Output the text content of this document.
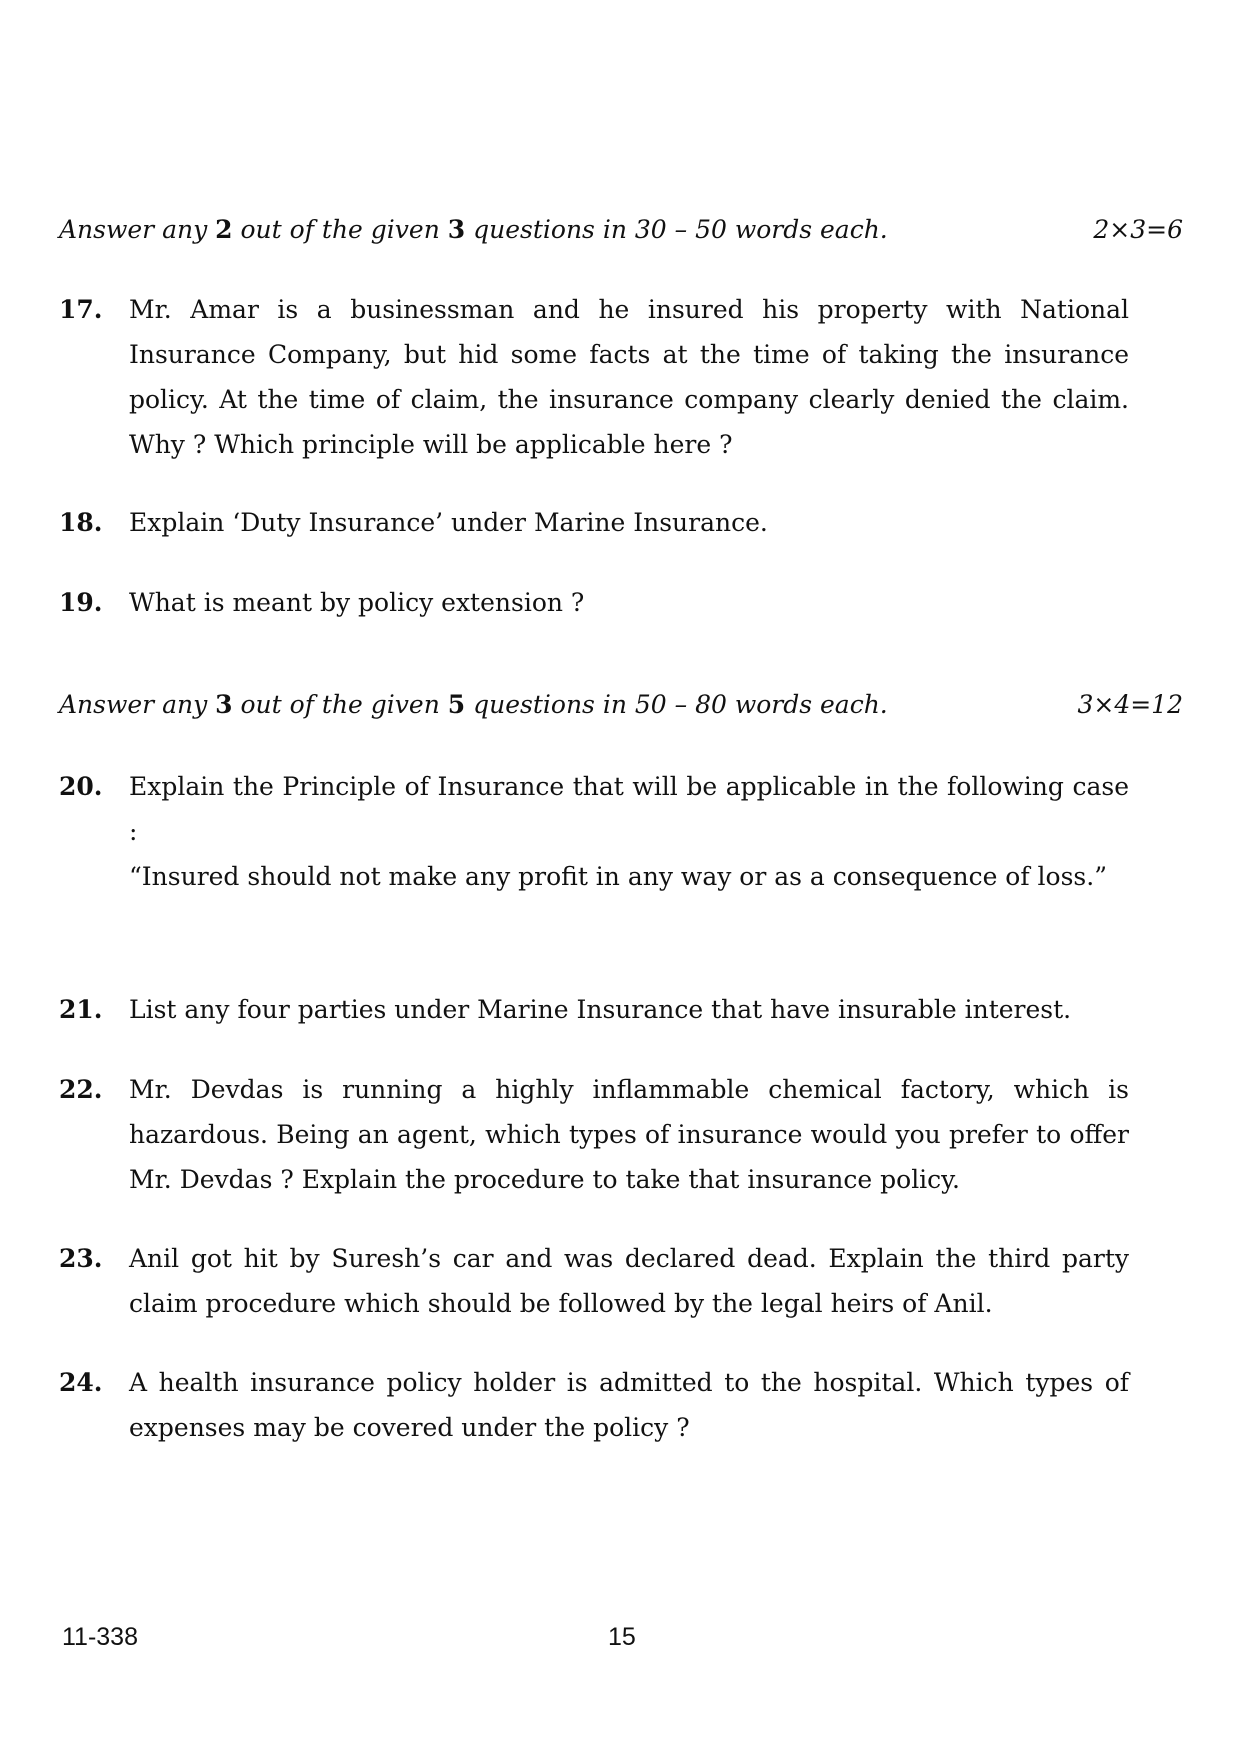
Answer any 2 out of the given 3 questions in 30 – 50 words each.	2×3=6
17. Mr. Amar is a businessman and he insured his property with National Insurance Company, but hid some facts at the time of taking the insurance policy. At the time of claim, the insurance company clearly denied the claim. Why ? Which principle will be applicable here ?

18. Explain ‘Duty Insurance’ under Marine Insurance.

19. What is meant by policy extension ?

Answer any 3 out of the given 5 questions in 50 – 80 words each.	3×4=12
20. Explain the Principle of Insurance that will be applicable in the following case :

“Insured should not make any profit in any way or as a consequence of loss.”

21. List any four parties under Marine Insurance that have insurable interest.

22. Mr. Devdas is running a highly inflammable chemical factory, which is hazardous. Being an agent, which types of insurance would you prefer to offer Mr. Devdas ? Explain the procedure to take that insurance policy.

23. Anil got hit by Suresh’s car and was declared dead. Explain the third party claim procedure which should be followed by the legal heirs of Anil.

24. A health insurance policy holder is admitted to the hospital. Which types of expenses may be covered under the policy ?

11-338	15
